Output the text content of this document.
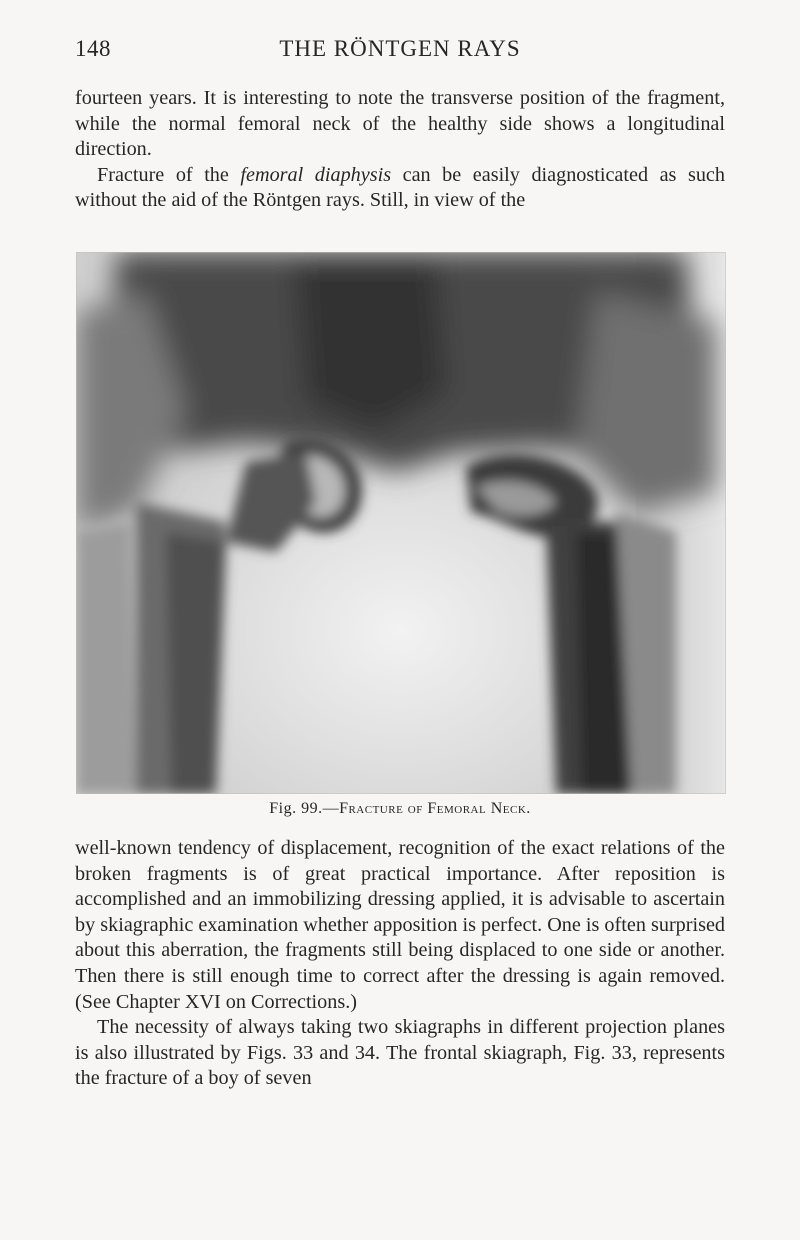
148	THE RÖNTGEN RAYS

fourteen years. It is interesting to note the transverse position of the fragment, while the normal femoral neck of the healthy side shows a longitudinal direction.

Fracture of the femoral diaphysis can be easily diagnosticated as such without the aid of the Röntgen rays. Still, in view of the

Fig. 99.—Fracture of Femoral Neck.

well-known tendency of displacement, recognition of the exact relations of the broken fragments is of great practical importance. After reposition is accomplished and an immobilizing dressing applied, it is advisable to ascertain by skiagraphic examination whether apposition is perfect. One is often surprised about this aberration, the fragments still being displaced to one side or another. Then there is still enough time to correct after the dressing is again removed. (See Chapter XVI on Corrections.)

The necessity of always taking two skiagraphs in different projection planes is also illustrated by Figs. 33 and 34. The frontal skiagraph, Fig. 33, represents the fracture of a boy of seven
